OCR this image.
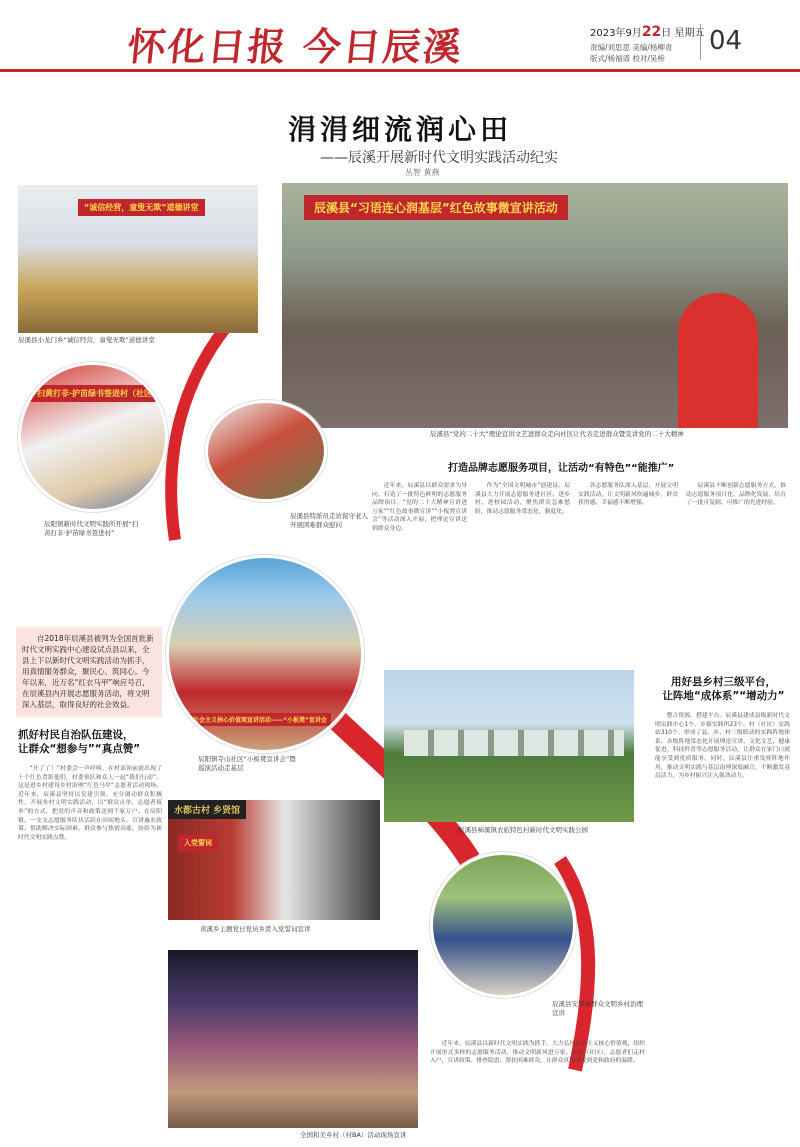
怀化日报 今日辰溪	2023年9月22日 星期五
责编/刘思思 美编/杨柳青
版式/杨福谱 校对/吴桥
04
涓涓细流润心田
——辰溪开展新时代文明实践活动纪实
丛智 黄燕
“诚信经营，童叟无欺”道德讲堂
辰溪县小龙门乡“诚信经营，童叟无欺”道德讲堂
辰溪县“习语连心润基层”红色故事微宣讲活动
辰溪县“党的二十大”理论宣讲文艺进群众走向社区让代表走进群众暨宣讲党的二十大精神
扫黄打非·护苗绿书签进村（社区）
辰阳镇新时代文明实践所开展“扫黄打非·护苗绿书签进村”
辰溪县特派员走访留守老人开展困难群众慰问
践行社会主义核心价值观宣讲活动——“小板凳”宣讲会
辰阳镇寺山社区“小板凳宣讲会”暨巡演活动走基层
自2018年辰溪县被列为全国首批新时代文明实践中心建设试点县以来，全县上下以新时代文明实践活动为抓手，用真情服务群众，聚民心、筑同心。今年以来，近万名“红衣马甲”响应号召，在辰溪县内开展志愿服务活动，将文明深入基层，取得良好的社会效益。
抓好村民自治队伍建设，
让群众“想参与”“真点赞”
“开了了！”村委会一声呼唤，在村部领前就出现了十个红色背影他们，村委领队和众人一起“我们行动”。这是进乡村建设乡村治理“红色马甲”志愿者活动现场。近年来，辰溪县坚持以党建引领，充分调动群众积极性，开展乡村文明实践活动，以“群众点单、志愿者接单”的方式，把党的声音和政策送到千家万户。在辰阳镇，一支支志愿服务队伍活跃在田间地头，宣讲惠农政策、帮助解决实际困难，群众参与热情高涨，纷纷为新时代文明实践点赞。
打造品牌志愿服务项目，让活动“有特色”“能推广”
近年来，辰溪县以群众需求为导向，打造了一批特色鲜明的志愿服务品牌项目。“党的二十大精神宣讲进万家”“红色故事微宣讲”“小板凳宣讲会”等活动深入开展，把理论宣讲送到群众身边。
作为“全国文明城市”创建县，辰溪县大力开展志愿服务进社区、进乡村、进校园活动，聚焦群众急难愁盼，推动志愿服务常态化、制度化。
各志愿服务队深入基层，开展文明实践活动，让文明新风吹遍城乡，群众获得感、幸福感不断增强。
辰溪县不断创新志愿服务方式，推动志愿服务项目化、品牌化发展，培育了一批可复制、可推广的先进经验。
辰溪县柿溪镇农旅特色村新时代文明实践公园
用好县乡村三级平台，
让阵地“成体系”“增动力”
整合资源，搭建平台。辰溪县建成县级新时代文明实践中心1个、乡镇实践所23个、村（社区）实践站310个，形成了县、乡、村三级联动的实践阵地体系。各级阵地常态化开展理论宣讲、文化文艺、健康促进、科技科普等志愿服务活动，让群众在家门口就能享受到优质服务。同时，辰溪县注重发挥阵地作用，推动文明实践与基层治理深度融合，不断激发基层活力，为乡村振兴注入强劲动力。
水都古村 乡贤馆
入党誓词
黄溪乡主题党日党员乡贤入党誓词宣讲
辰溪县安坪乡群众文明乡村治理宣讲
全国和美乡村（村BA）活动现场宣讲
近年来，辰溪县以新时代文明实践为抓手，大力弘扬社会主义核心价值观，组织开展形式多样的志愿服务活动，推动文明新风进万家。在村（社区），志愿者们走村入户，宣讲政策、排查隐患、帮扶困难群众，让群众真切感受到党和政府的温暖。
